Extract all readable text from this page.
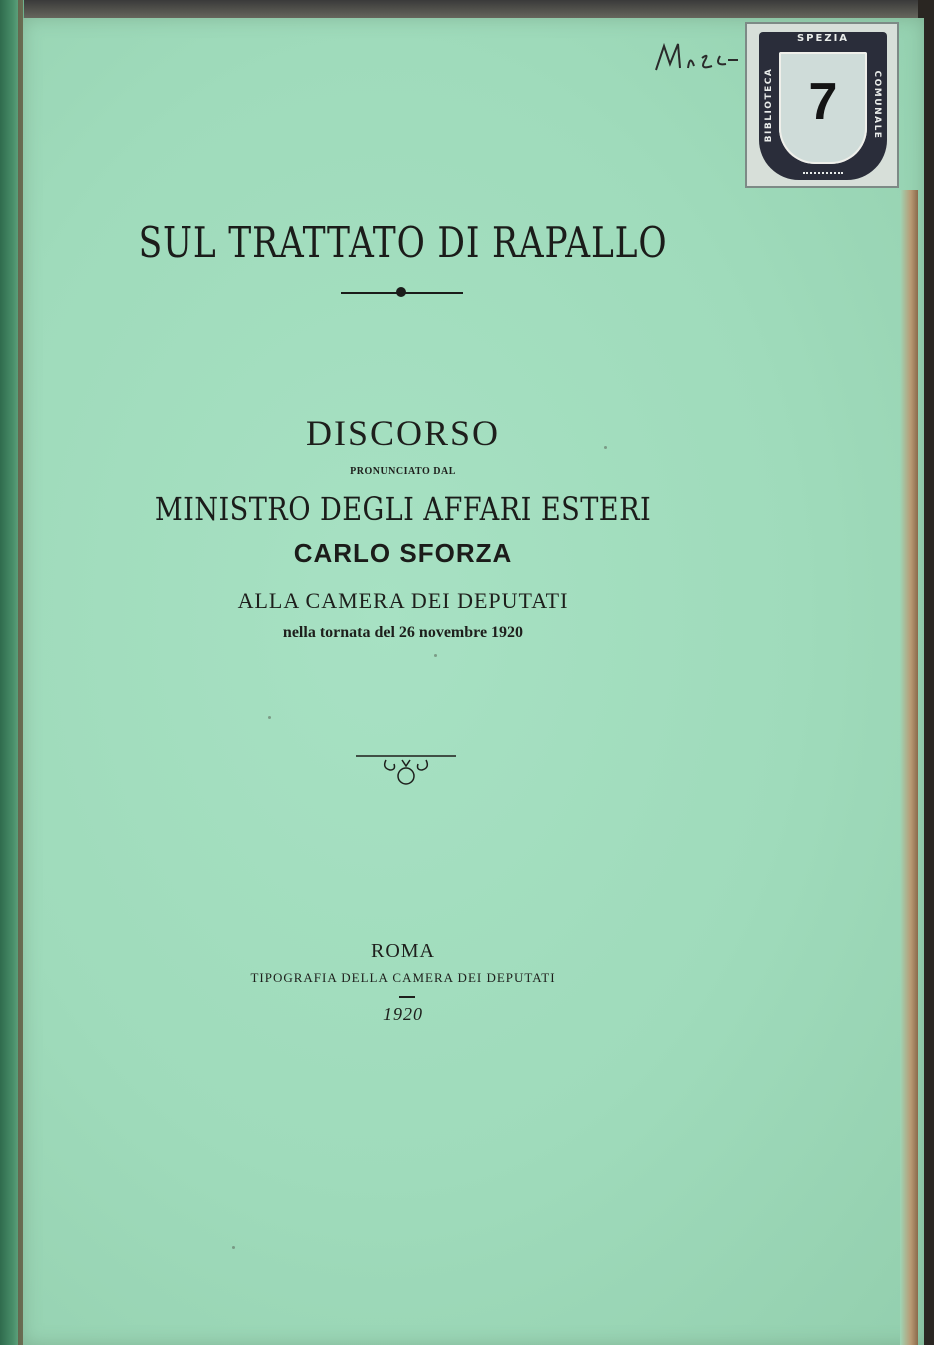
SPEZIA
BIBLIOTECA	COMUNALE
7
SUL TRATTATO DI RAPALLO
DISCORSO
PRONUNCIATO DAL
MINISTRO DEGLI AFFARI ESTERI
CARLO SFORZA
ALLA CAMERA DEI DEPUTATI
nella tornata del 26 novembre 1920
ROMA
TIPOGRAFIA DELLA CAMERA DEI DEPUTATI
1920
